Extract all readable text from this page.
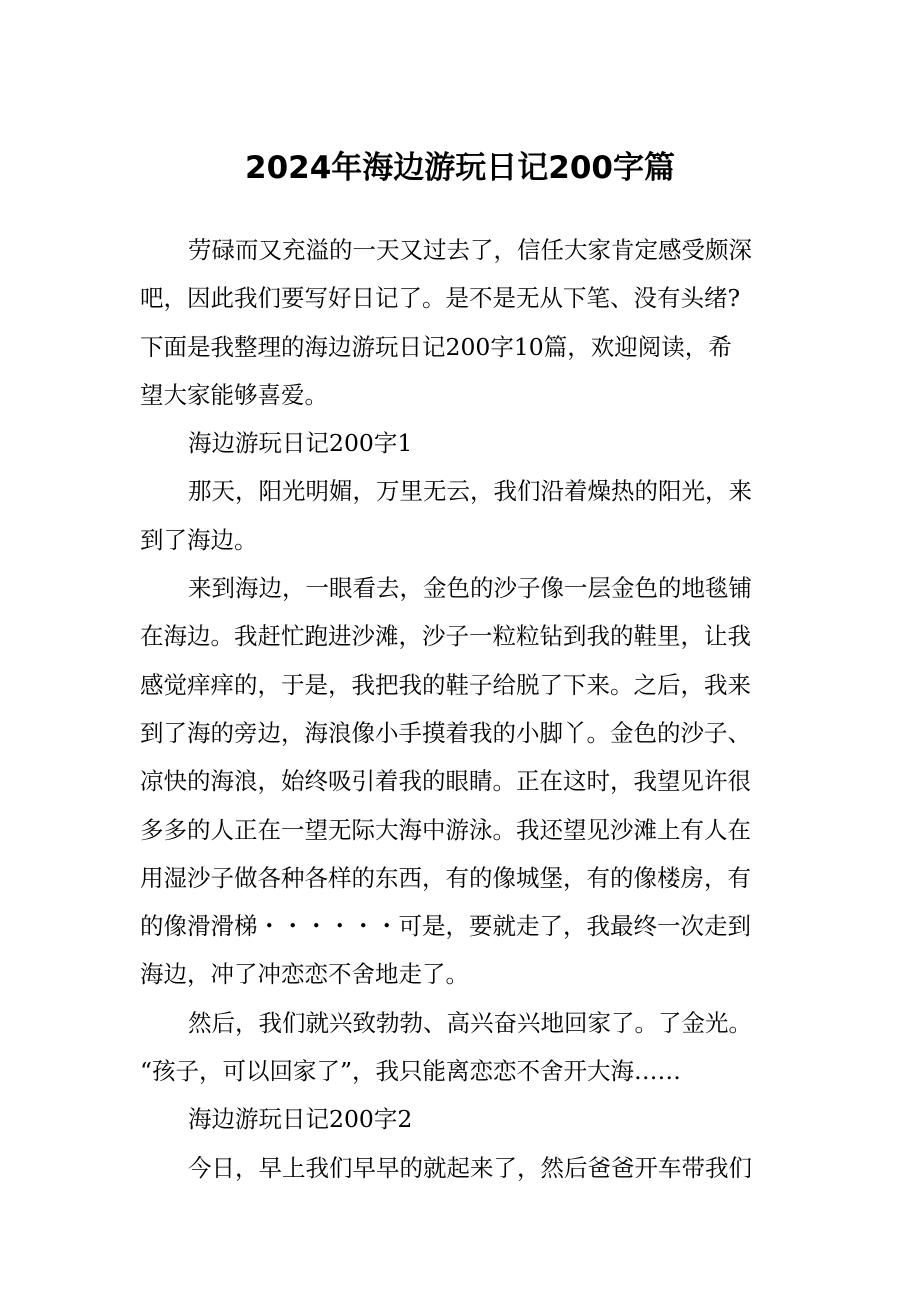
2024年海边游玩日记200字篇
劳碌而又充溢的一天又过去了，信任大家肯定感受颇深
吧，因此我们要写好日记了。是不是无从下笔、没有头绪?
下面是我整理的海边游玩日记200字10篇，欢迎阅读，希
望大家能够喜爱。
海边游玩日记200字1
那天，阳光明媚，万里无云，我们沿着燥热的阳光，来
到了海边。
来到海边，一眼看去，金色的沙子像一层金色的地毯铺
在海边。我赶忙跑进沙滩，沙子一粒粒钻到我的鞋里，让我
感觉痒痒的，于是，我把我的鞋子给脱了下来。之后，我来
到了海的旁边，海浪像小手摸着我的小脚丫。金色的沙子、
凉快的海浪，始终吸引着我的眼睛。正在这时，我望见许很
多多的人正在一望无际大海中游泳。我还望见沙滩上有人在
用湿沙子做各种各样的东西，有的像城堡，有的像楼房，有
的像滑滑梯・・・・・・可是，要就走了，我最终一次走到
海边，冲了冲恋恋不舍地走了。
然后，我们就兴致勃勃、高兴奋兴地回家了。了金光。
“孩子，可以回家了”，我只能离恋恋不舍开大海……
海边游玩日记200字2
今日，早上我们早早的就起来了，然后爸爸开车带我们
